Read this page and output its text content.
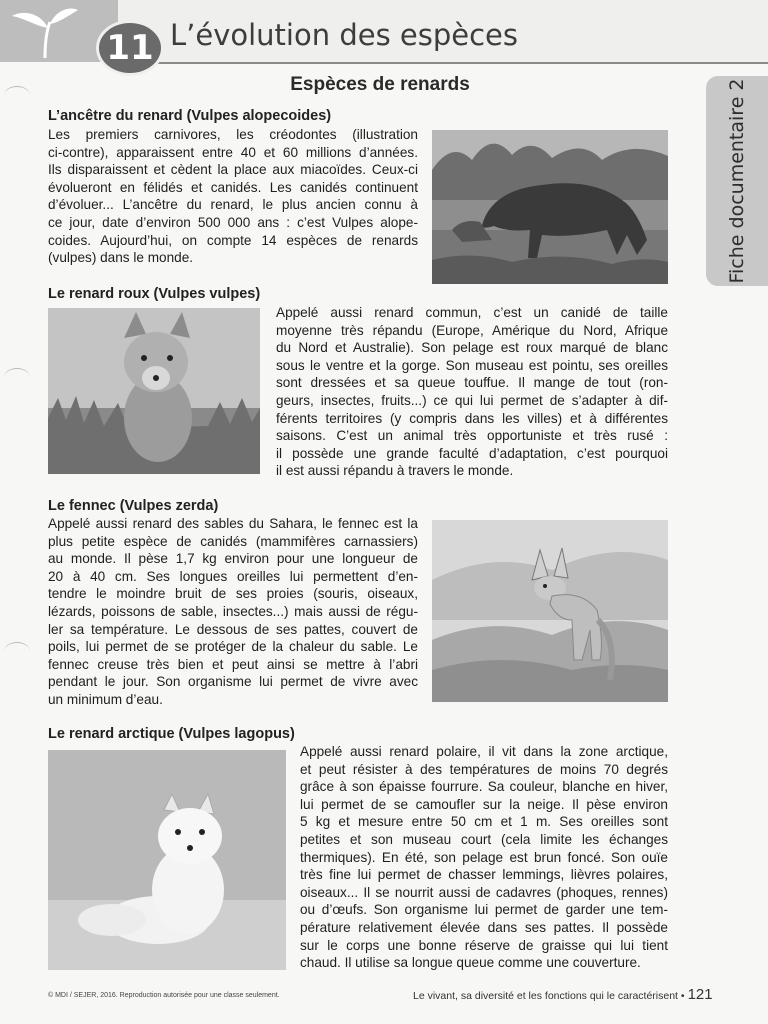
11 L’évolution des espèces
Espèces de renards	Fiche documentaire 2
L’ancêtre du renard (Vulpes alopecoides)

Les premiers carnivores, les créodontes (illustration
ci-contre), apparaissent entre 40 et 60 millions d’années.
Ils disparaissent et cèdent la place aux miacoïdes. Ceux-ci
évolueront en félidés et canidés. Les canidés continuent
d’évoluer... L’ancêtre du renard, le plus ancien connu à
ce jour, date d’environ 500 000 ans : c’est Vulpes alope-
coides. Aujourd’hui, on compte 14 espèces de renards
(vulpes) dans le monde.

Le renard roux (Vulpes vulpes)

Appelé aussi renard commun, c’est un canidé de taille
moyenne très répandu (Europe, Amérique du Nord, Afrique
du Nord et Australie). Son pelage est roux marqué de blanc
sous le ventre et la gorge. Son museau est pointu, ses oreilles
sont dressées et sa queue touffue. Il mange de tout (ron-
geurs, insectes, fruits...) ce qui lui permet de s’adapter à dif-
férents territoires (y compris dans les villes) et à différentes
saisons. C’est un animal très opportuniste et très rusé :
il possède une grande faculté d’adaptation, c’est pourquoi
il est aussi répandu à travers le monde.

Le fennec (Vulpes zerda)

Appelé aussi renard des sables du Sahara, le fennec est la
plus petite espèce de canidés (mammifères carnassiers)
au monde. Il pèse 1,7 kg environ pour une longueur de
20 à 40 cm. Ses longues oreilles lui permettent d’en-
tendre le moindre bruit de ses proies (souris, oiseaux,
lézards, poissons de sable, insectes...) mais aussi de régu-
ler sa température. Le dessous de ses pattes, couvert de
poils, lui permet de se protéger de la chaleur du sable. Le
fennec creuse très bien et peut ainsi se mettre à l’abri
pendant le jour. Son organisme lui permet de vivre avec
un minimum d’eau.

Le renard arctique (Vulpes lagopus)

Appelé aussi renard polaire, il vit dans la zone arctique,
et peut résister à des températures de moins 70 degrés
grâce à son épaisse fourrure. Sa couleur, blanche en hiver,
lui permet de se camoufler sur la neige. Il pèse environ
5 kg et mesure entre 50 cm et 1 m. Ses oreilles sont
petites et son museau court (cela limite les échanges
thermiques). En été, son pelage est brun foncé. Son ouïe
très fine lui permet de chasser lemmings, lièvres polaires,
oiseaux... Il se nourrit aussi de cadavres (phoques, rennes)
ou d’œufs. Son organisme lui permet de garder une tem-
pérature relativement élevée dans ses pattes. Il possède
sur le corps une bonne réserve de graisse qui lui tient
chaud. Il utilise sa longue queue comme une couverture.

© MDI / SEJER, 2016. Reproduction autorisée pour une classe seulement.	Le vivant, sa diversité et les fonctions qui le caractérisent • 121
